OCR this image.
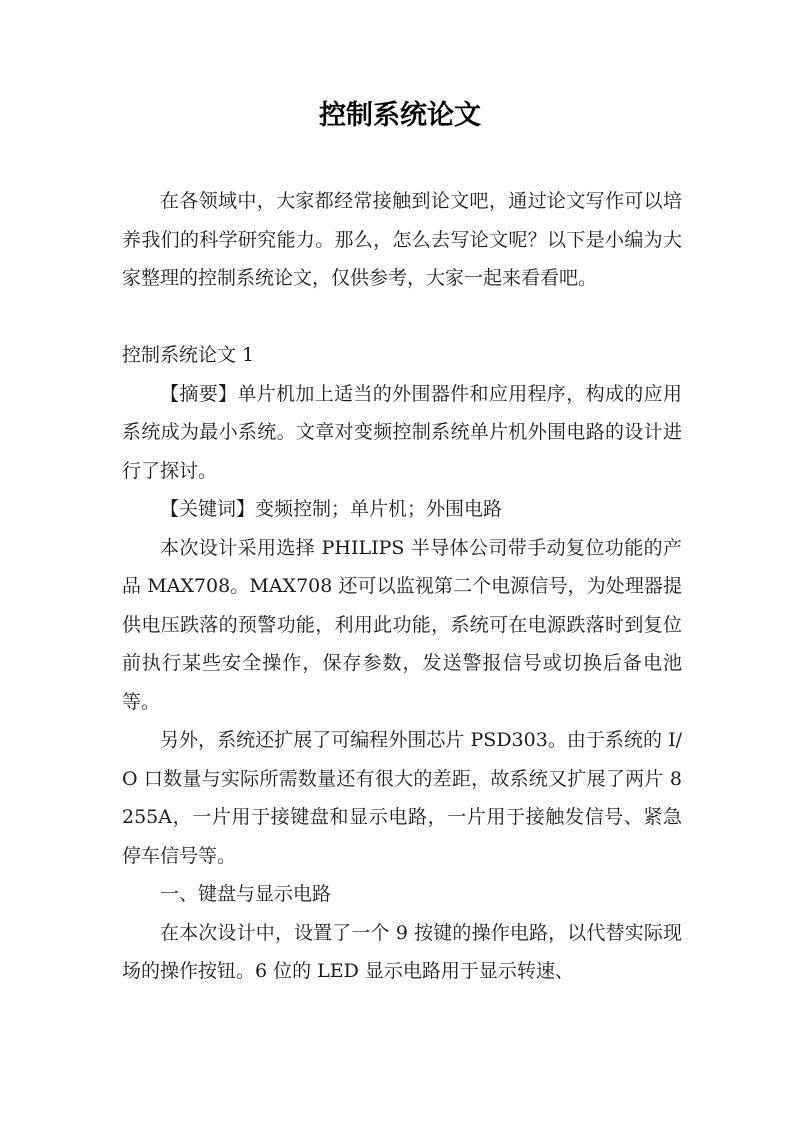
控制系统论文

在各领域中，大家都经常接触到论文吧，通过论文写作可以培养我们的科学研究能力。那么，怎么去写论文呢？以下是小编为大家整理的控制系统论文，仅供参考，大家一起来看看吧。

控制系统论文 1

【摘要】单片机加上适当的外围器件和应用程序，构成的应用系统成为最小系统。文章对变频控制系统单片机外围电路的设计进行了探讨。

【关键词】变频控制；单片机；外围电路

本次设计采用选择 PHILIPS 半导体公司带手动复位功能的产品 MAX708。MAX708 还可以监视第二个电源信号，为处理器提供电压跌落的预警功能，利用此功能，系统可在电源跌落时到复位前执行某些安全操作，保存参数，发送警报信号或切换后备电池等。

另外，系统还扩展了可编程外围芯片 PSD303。由于系统的 I/O 口数量与实际所需数量还有很大的差距，故系统又扩展了两片 8255A，一片用于接键盘和显示电路，一片用于接触发信号、紧急停车信号等。

一、键盘与显示电路

在本次设计中，设置了一个 9 按键的操作电路，以代替实际现场的操作按钮。6 位的 LED 显示电路用于显示转速、
